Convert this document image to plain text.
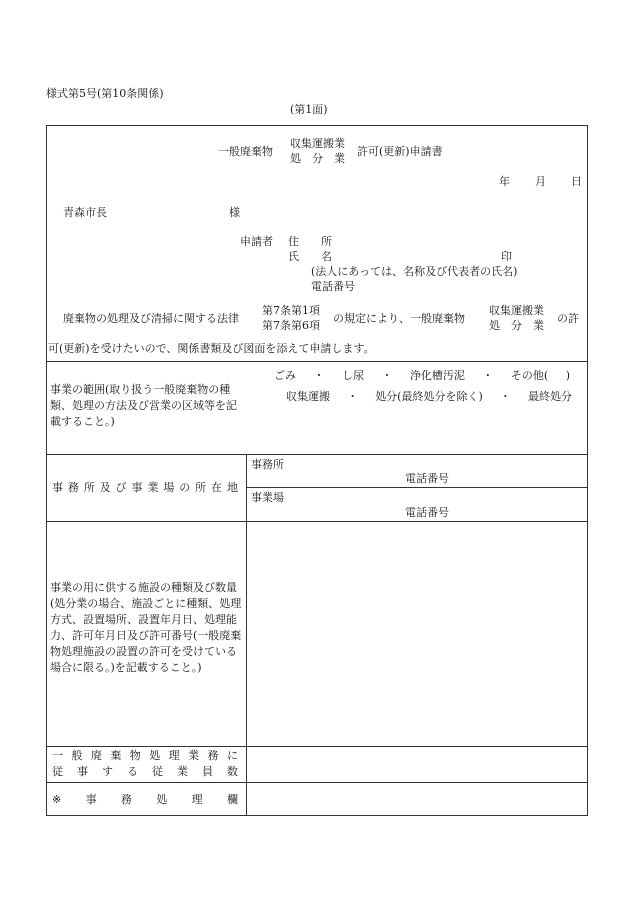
様式第5号(第10条関係)
(第1面)
一般廃棄物
収集運搬業
処　分　業
許可(更新)申請書
年 月 日
青森市長	様
申請者 住　　所
氏　　名	印
(法人にあっては、名称及び代表者の氏名)
電話番号
廃棄物の処理及び清掃に関する法律
第7条第1項
第7条第6項
の規定により、一般廃棄物
収集運搬業
処　分　業
の許
可(更新)を受けたいので、関係書類及び図面を添えて申請します。
事業の範囲(取り扱う一般廃棄物の種類、処理の方法及び営業の区域等を記載すること。)
ごみ ・ し尿 ・ 浄化槽汚泥 ・ その他( )
収集運搬 ・ 処分(最終処分を除く) ・ 最終処分
事 務 所 及 び 事 業 場 の 所 在 地
事務所
電話番号
事業場
電話番号
事業の用に供する施設の種類及び数量(処分業の場合、施設ごとに種類、処理方式、設置場所、設置年月日、処理能力、許可年月日及び許可番号(一般廃棄物処理施設の設置の許可を受けている場合に限る。)を記載すること。)
一 般 廃 棄 物 処 理 業 務 に
従 事 す る 従 業 員 数
※ 事 務 処 理 欄
